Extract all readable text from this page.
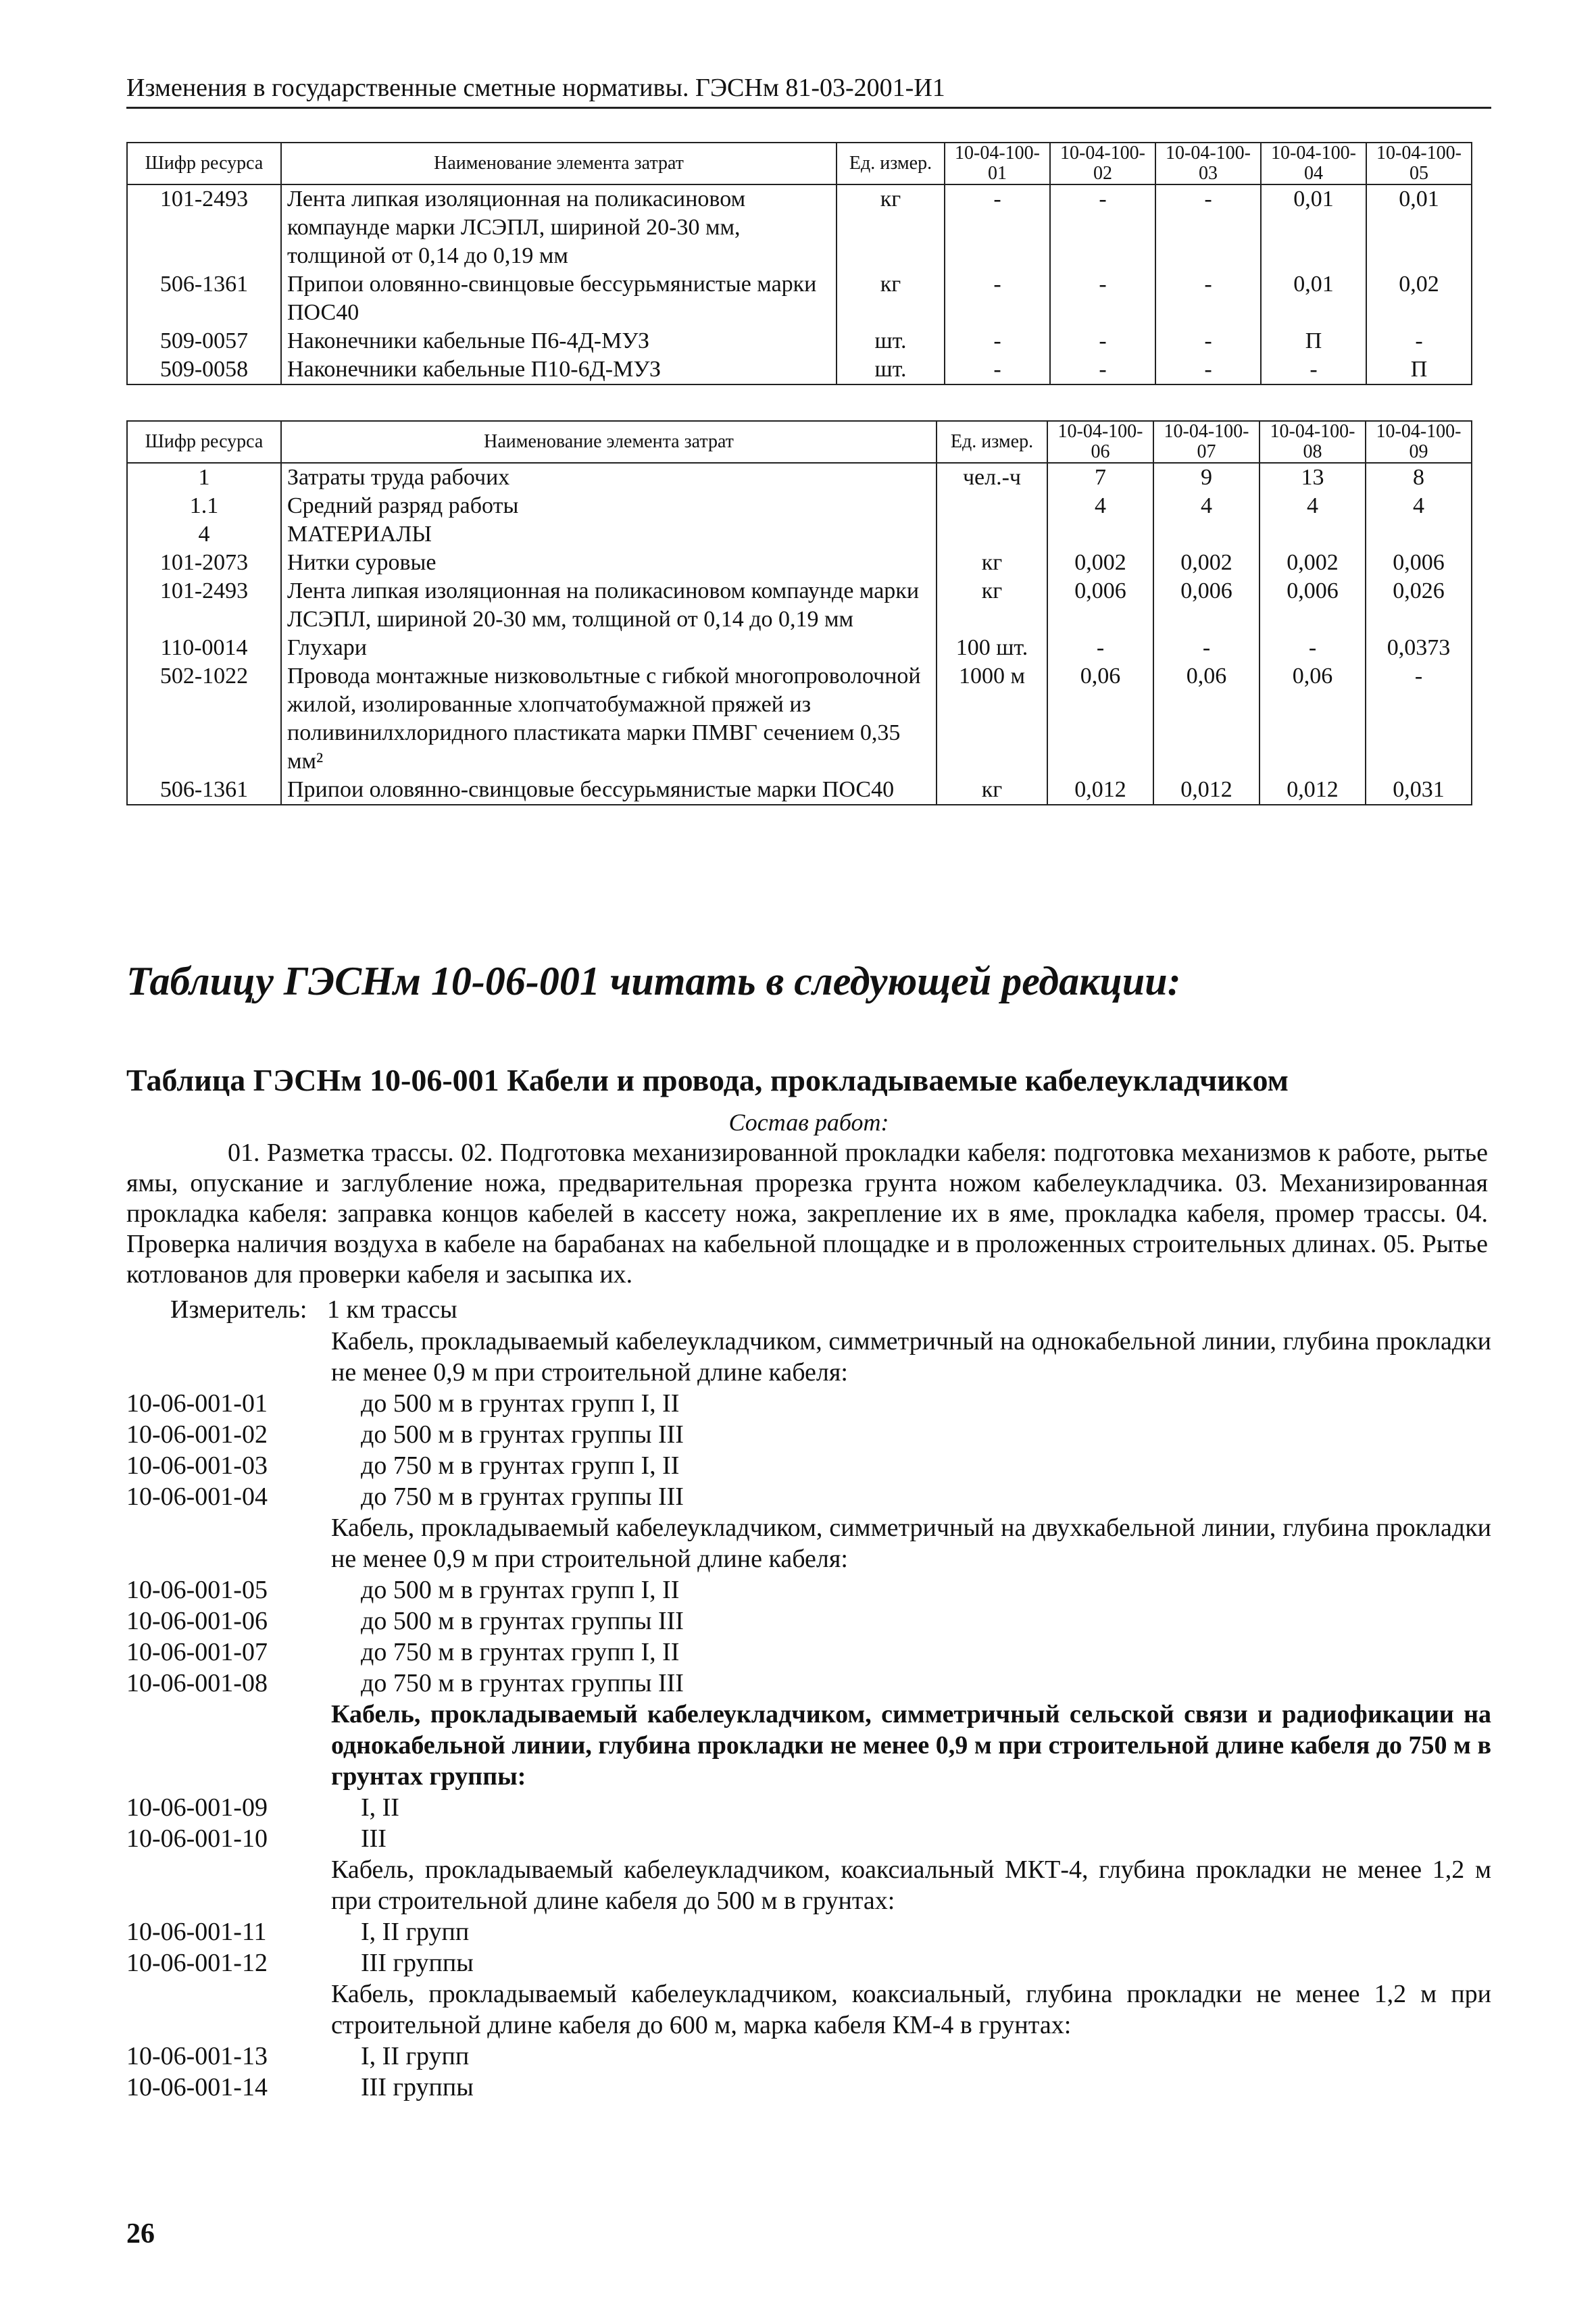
Изменения в государственные сметные нормативы. ГЭСНм 81-03-2001-И1
Шифр ресурса	Наименование элемента затрат	Ед. измер.	10-04-100-01	10-04-100-02	10-04-100-03	10-04-100-04	10-04-100-05
101-2493	Лента липкая изоляционная на поликасиновом компаунде марки ЛСЭПЛ, шириной 20-30 мм, толщиной от 0,14 до 0,19 мм	кг	-	-	-	0,01	0,01
506-1361	Припои оловянно-свинцовые бессурьмянистые марки ПОС40	кг	-	-	-	0,01	0,02
509-0057	Наконечники кабельные П6-4Д-МУЗ	шт.	-	-	-	П	-
509-0058	Наконечники кабельные П10-6Д-МУЗ	шт.	-	-	-	-	П
Шифр ресурса	Наименование элемента затрат	Ед. измер.	10-04-100-06	10-04-100-07	10-04-100-08	10-04-100-09
1	Затраты труда рабочих	чел.-ч	7	9	13	8
1.1	Средний разряд работы		4	4	4	4
4	МАТЕРИАЛЫ					
101-2073	Нитки суровые	кг	0,002	0,002	0,002	0,006
101-2493	Лента липкая изоляционная на поликасиновом компаунде марки ЛСЭПЛ, шириной 20-30 мм, толщиной от 0,14 до 0,19 мм	кг	0,006	0,006	0,006	0,026
110-0014	Глухари	100 шт.	-	-	-	0,0373
502-1022	Провода монтажные низковольтные с гибкой многопроволочной жилой, изолированные хлопчатобумажной пряжей из поливинилхлоридного пластиката марки ПМВГ сечением 0,35 мм²	1000 м	0,06	0,06	0,06	-
506-1361	Припои оловянно-свинцовые бессурьмянистые марки ПОС40	кг	0,012	0,012	0,012	0,031
Таблицу ГЭСНм 10-06-001 читать в следующей редакции:
Таблица ГЭСНм 10-06-001 Кабели и провода, прокладываемые кабелеукладчиком
Состав работ:
01. Разметка трассы. 02. Подготовка механизированной прокладки кабеля: подготовка механизмов к работе, рытье ямы, опускание и заглубление ножа, предварительная прорезка грунта ножом кабелеукладчика. 03. Механизированная прокладка кабеля: заправка концов кабелей в кассету ножа, закрепление их в яме, прокладка кабеля, промер трассы. 04. Проверка наличия воздуха в кабеле на барабанах на кабельной площадке и в проложенных строительных длинах. 05. Рытье котлованов для проверки кабеля и засыпка их.
Измеритель: 1 км трассы
Кабель, прокладываемый кабелеукладчиком, симметричный на однокабельной линии, глубина прокладки не менее 0,9 м при строительной длине кабеля:
10-06-001-01	до 500 м в грунтах групп I, II
10-06-001-02	до 500 м в грунтах группы III
10-06-001-03	до 750 м в грунтах групп I, II
10-06-001-04	до 750 м в грунтах группы III
Кабель, прокладываемый кабелеукладчиком, симметричный на двухкабельной линии, глубина прокладки не менее 0,9 м при строительной длине кабеля:
10-06-001-05	до 500 м в грунтах групп I, II
10-06-001-06	до 500 м в грунтах группы III
10-06-001-07	до 750 м в грунтах групп I, II
10-06-001-08	до 750 м в грунтах группы III
Кабель, прокладываемый кабелеукладчиком, симметричный сельской связи и радиофикации на однокабельной линии, глубина прокладки не менее 0,9 м при строительной длине кабеля до 750 м в грунтах группы:
10-06-001-09	I, II
10-06-001-10	III
Кабель, прокладываемый кабелеукладчиком, коаксиальный МКТ-4, глубина прокладки не менее 1,2 м при строительной длине кабеля до 500 м в грунтах:
10-06-001-11	I, II групп
10-06-001-12	III группы
Кабель, прокладываемый кабелеукладчиком, коаксиальный, глубина прокладки не менее 1,2 м при строительной длине кабеля до 600 м, марка кабеля КМ-4 в грунтах:
10-06-001-13	I, II групп
10-06-001-14	III группы
26
